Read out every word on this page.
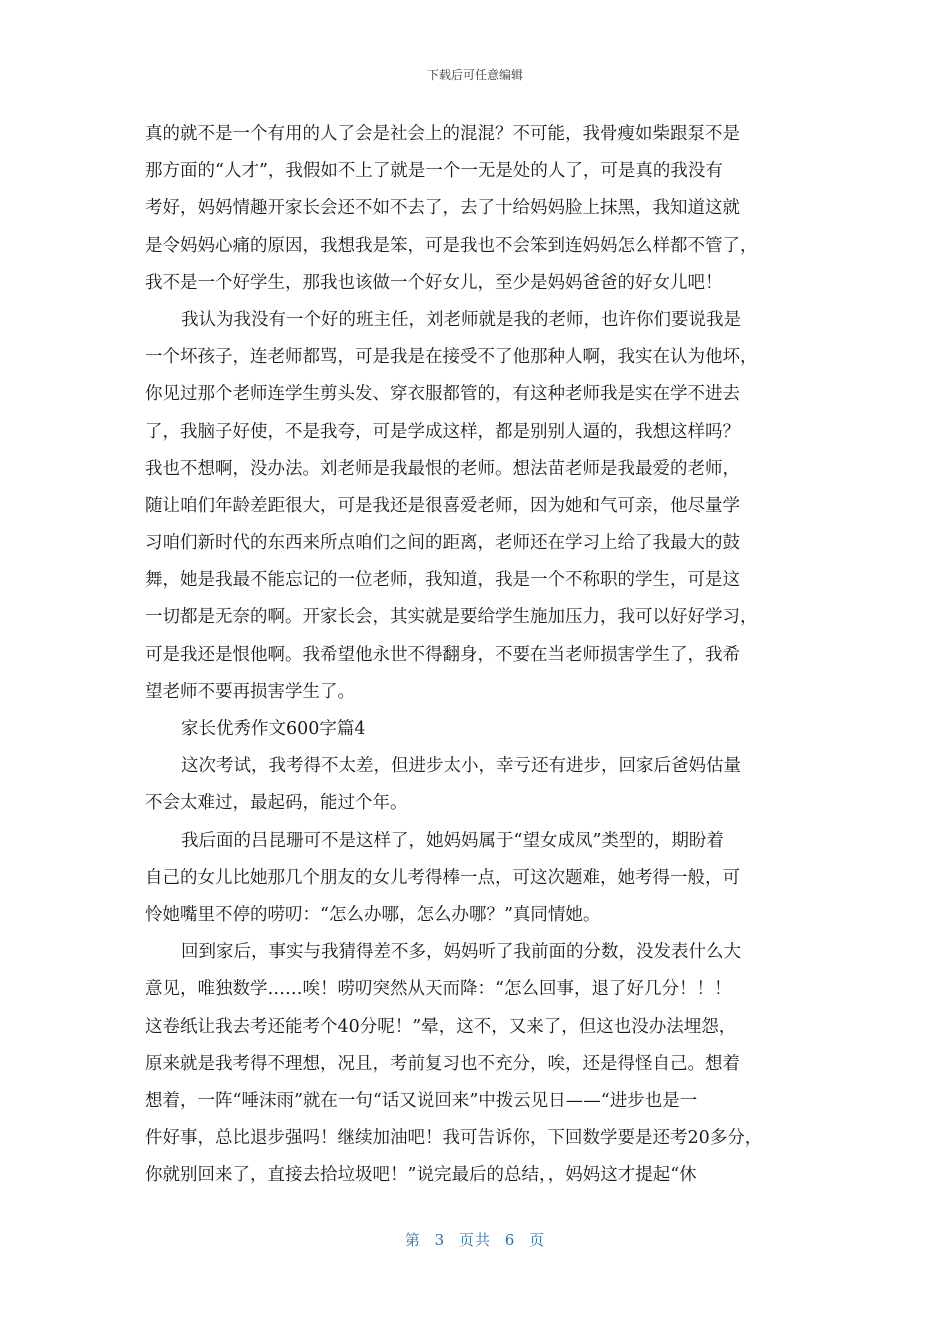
下载后可任意编辑
真的就不是一个有用的人了会是社会上的混混？不可能，我骨瘦如柴跟泵不是
那方面的“人才”，我假如不上了就是一个一无是处的人了，可是真的我没有
考好，妈妈情趣开家长会还不如不去了，去了十给妈妈脸上抹黑，我知道这就
是令妈妈心痛的原因，我想我是笨，可是我也不会笨到连妈妈怎么样都不管了，
我不是一个好学生，那我也该做一个好女儿，至少是妈妈爸爸的好女儿吧！
我认为我没有一个好的班主任，刘老师就是我的老师，也许你们要说我是
一个坏孩子，连老师都骂，可是我是在接受不了他那种人啊，我实在认为他坏，
你见过那个老师连学生剪头发、穿衣服都管的，有这种老师我是实在学不进去
了，我脑子好使，不是我夸，可是学成这样，都是别别人逼的，我想这样吗？
我也不想啊，没办法。刘老师是我最恨的老师。想法苗老师是我最爱的老师，
随让咱们年龄差距很大，可是我还是很喜爱老师，因为她和气可亲，他尽量学
习咱们新时代的东西来所点咱们之间的距离，老师还在学习上给了我最大的鼓
舞，她是我最不能忘记的一位老师，我知道，我是一个不称职的学生，可是这
一切都是无奈的啊。开家长会，其实就是要给学生施加压力，我可以好好学习，
可是我还是恨他啊。我希望他永世不得翻身，不要在当老师损害学生了，我希
望老师不要再损害学生了。
家长优秀作文600字篇4
这次考试，我考得不太差，但进步太小，幸亏还有进步，回家后爸妈估量
不会太难过，最起码，能过个年。
我后面的吕昆珊可不是这样了，她妈妈属于“望女成凤”类型的，期盼着
自己的女儿比她那几个朋友的女儿考得棒一点，可这次题难，她考得一般，可
怜她嘴里不停的唠叨：“怎么办哪，怎么办哪？”真同情她。
回到家后，事实与我猜得差不多，妈妈听了我前面的分数，没发表什么大
意见，唯独数学……唉！唠叨突然从天而降：“怎么回事，退了好几分！！！
这卷纸让我去考还能考个40分呢！”晕，这不，又来了，但这也没办法埋怨，
原来就是我考得不理想，况且，考前复习也不充分，唉，还是得怪自己。想着
想着，一阵“唾沫雨”就在一句“话又说回来”中拨云见日——“进步也是一
件好事，总比退步强吗！继续加油吧！我可告诉你，下回数学要是还考20多分，
你就别回来了，直接去拾垃圾吧！”说完最后的总结，，妈妈这才提起“休
第 3 页共 6 页
